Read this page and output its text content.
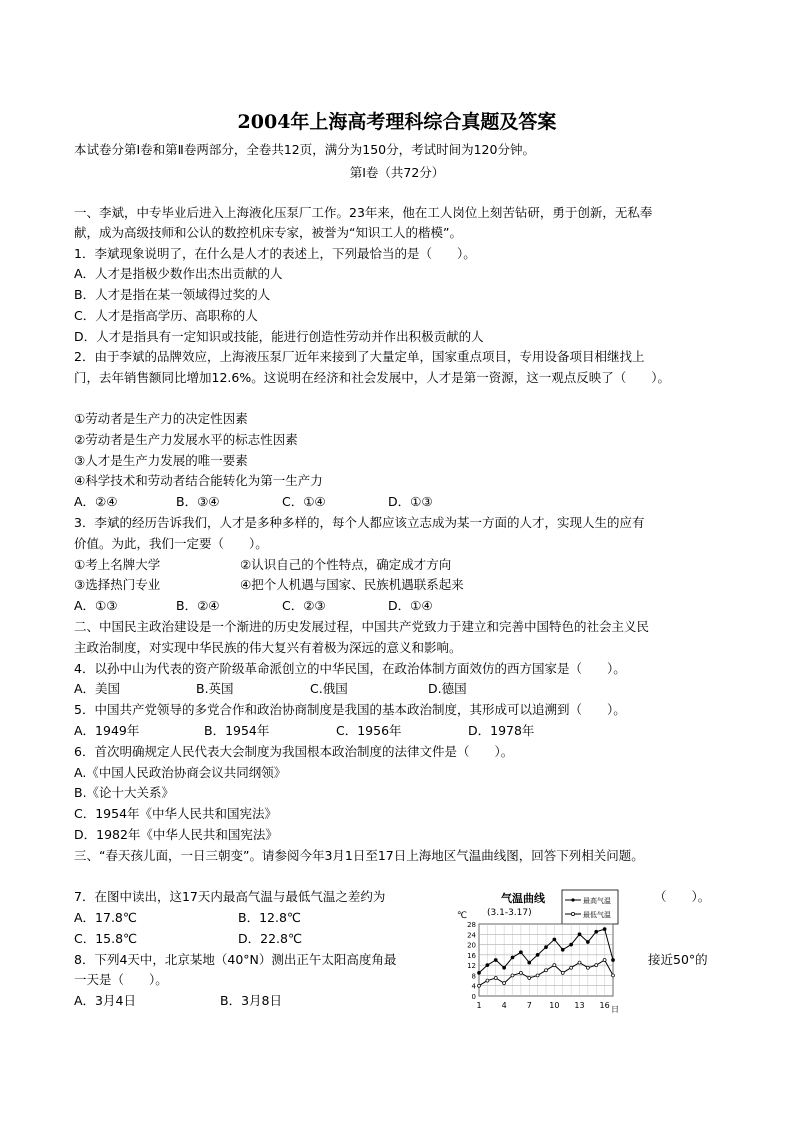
2004年上海高考理科综合真题及答案
本试卷分第Ⅰ卷和第Ⅱ卷两部分，全卷共12页，满分为150分，考试时间为120分钟。
第Ⅰ卷（共72分）
一、李斌，中专毕业后进入上海液化压泵厂工作。23年来，他在工人岗位上刻苦钻研，勇于创新，无私奉
献，成为高级技师和公认的数控机床专家，被誉为“知识工人的楷模”。
1．李斌现象说明了，在什么是人才的表述上，下列最恰当的是（　　）。
A．人才是指极少数作出杰出贡献的人
B．人才是指在某一领域得过奖的人
C．人才是指高学历、高职称的人
D．人才是指具有一定知识或技能，能进行创造性劳动并作出积极贡献的人
2．由于李斌的品牌效应，上海液压泵厂近年来接到了大量定单，国家重点项目，专用设备项目相继找上
门，去年销售额同比增加12.6%。这说明在经济和社会发展中，人才是第一资源，这一观点反映了（　　）。
①劳动者是生产力的决定性因素
②劳动者是生产力发展水平的标志性因素
③人才是生产力发展的唯一要素
④科学技术和劳动者结合能转化为第一生产力
A．②④	B．③④	C．①④	D．①③
3．李斌的经历告诉我们，人才是多种多样的，每个人都应该立志成为某一方面的人才，实现人生的应有
价值。为此，我们一定要（　　）。
①考上名牌大学	②认识自己的个性特点，确定成才方向
③选择热门专业	④把个人机遇与国家、民族机遇联系起来
A．①③	B．②④	C．②③	D．①④
二、中国民主政治建设是一个渐进的历史发展过程，中国共产党致力于建立和完善中国特色的社会主义民
主政治制度，对实现中华民族的伟大复兴有着极为深远的意义和影响。
4．以孙中山为代表的资产阶级革命派创立的中华民国，在政治体制方面效仿的西方国家是（　　）。
A．美国	B.英国	C.俄国	D.德国
5．中国共产党领导的多党合作和政治协商制度是我国的基本政治制度，其形成可以追溯到（　　）。
A．1949年	B．1954年	C．1956年	D．1978年
6．首次明确规定人民代表大会制度为我国根本政治制度的法律文件是（　　）。
A.《中国人民政治协商会议共同纲领》
B.《论十大关系》
C．1954年《中华人民共和国宪法》
D．1982年《中华人民共和国宪法》
三、“春天孩儿面，一日三朝变”。请参阅今年3月1日至17日上海地区气温曲线图，回答下列相关问题。
7．在图中读出，这17天内最高气温与最低气温之差约为	（　　）。
A．17.8℃	B．12.8℃
C．15.8℃	D．22.8℃
8．下列4天中，北京某地（40°N）测出正午太阳高度角最	接近50°的
一天是（　　）。
A．3月4日	B．3月8日
气温曲线
(3.1-3.17)
℃
日
最高气温
最低气温
0
4
8
12
16
20
24
28
1	4	7 10 13 16
